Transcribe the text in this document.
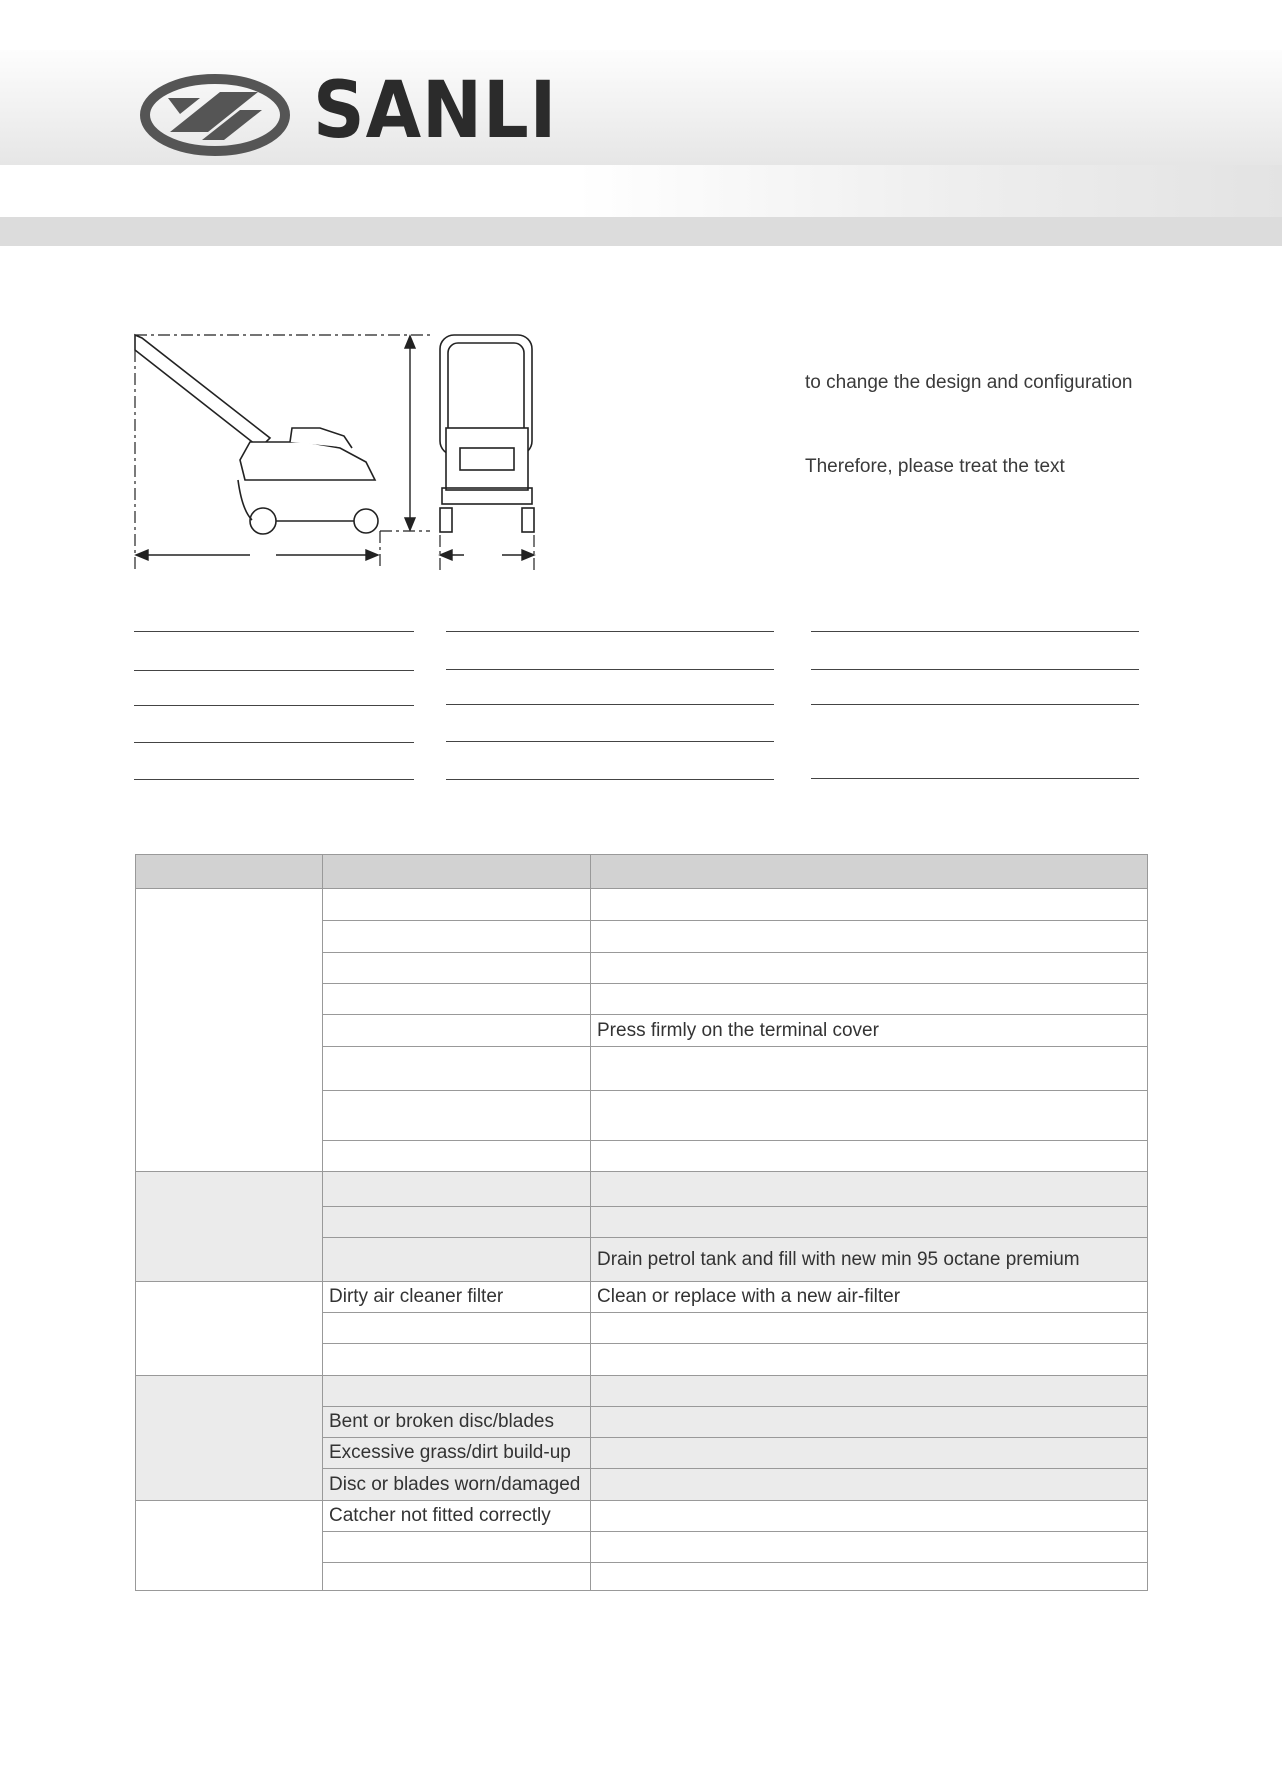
SANLI
to change the design and configuration
Therefore, please treat the text

		Press firmly on the terminal cover

		Drain petrol tank and fill with new min 95 octane premium
	Dirty air cleaner filter	Clean or replace with a new air-filter

	Bent or broken disc/blades	
	Excessive grass/dirt build-up	
	Disc or blades worn/damaged	
	Catcher not fitted correctly	
